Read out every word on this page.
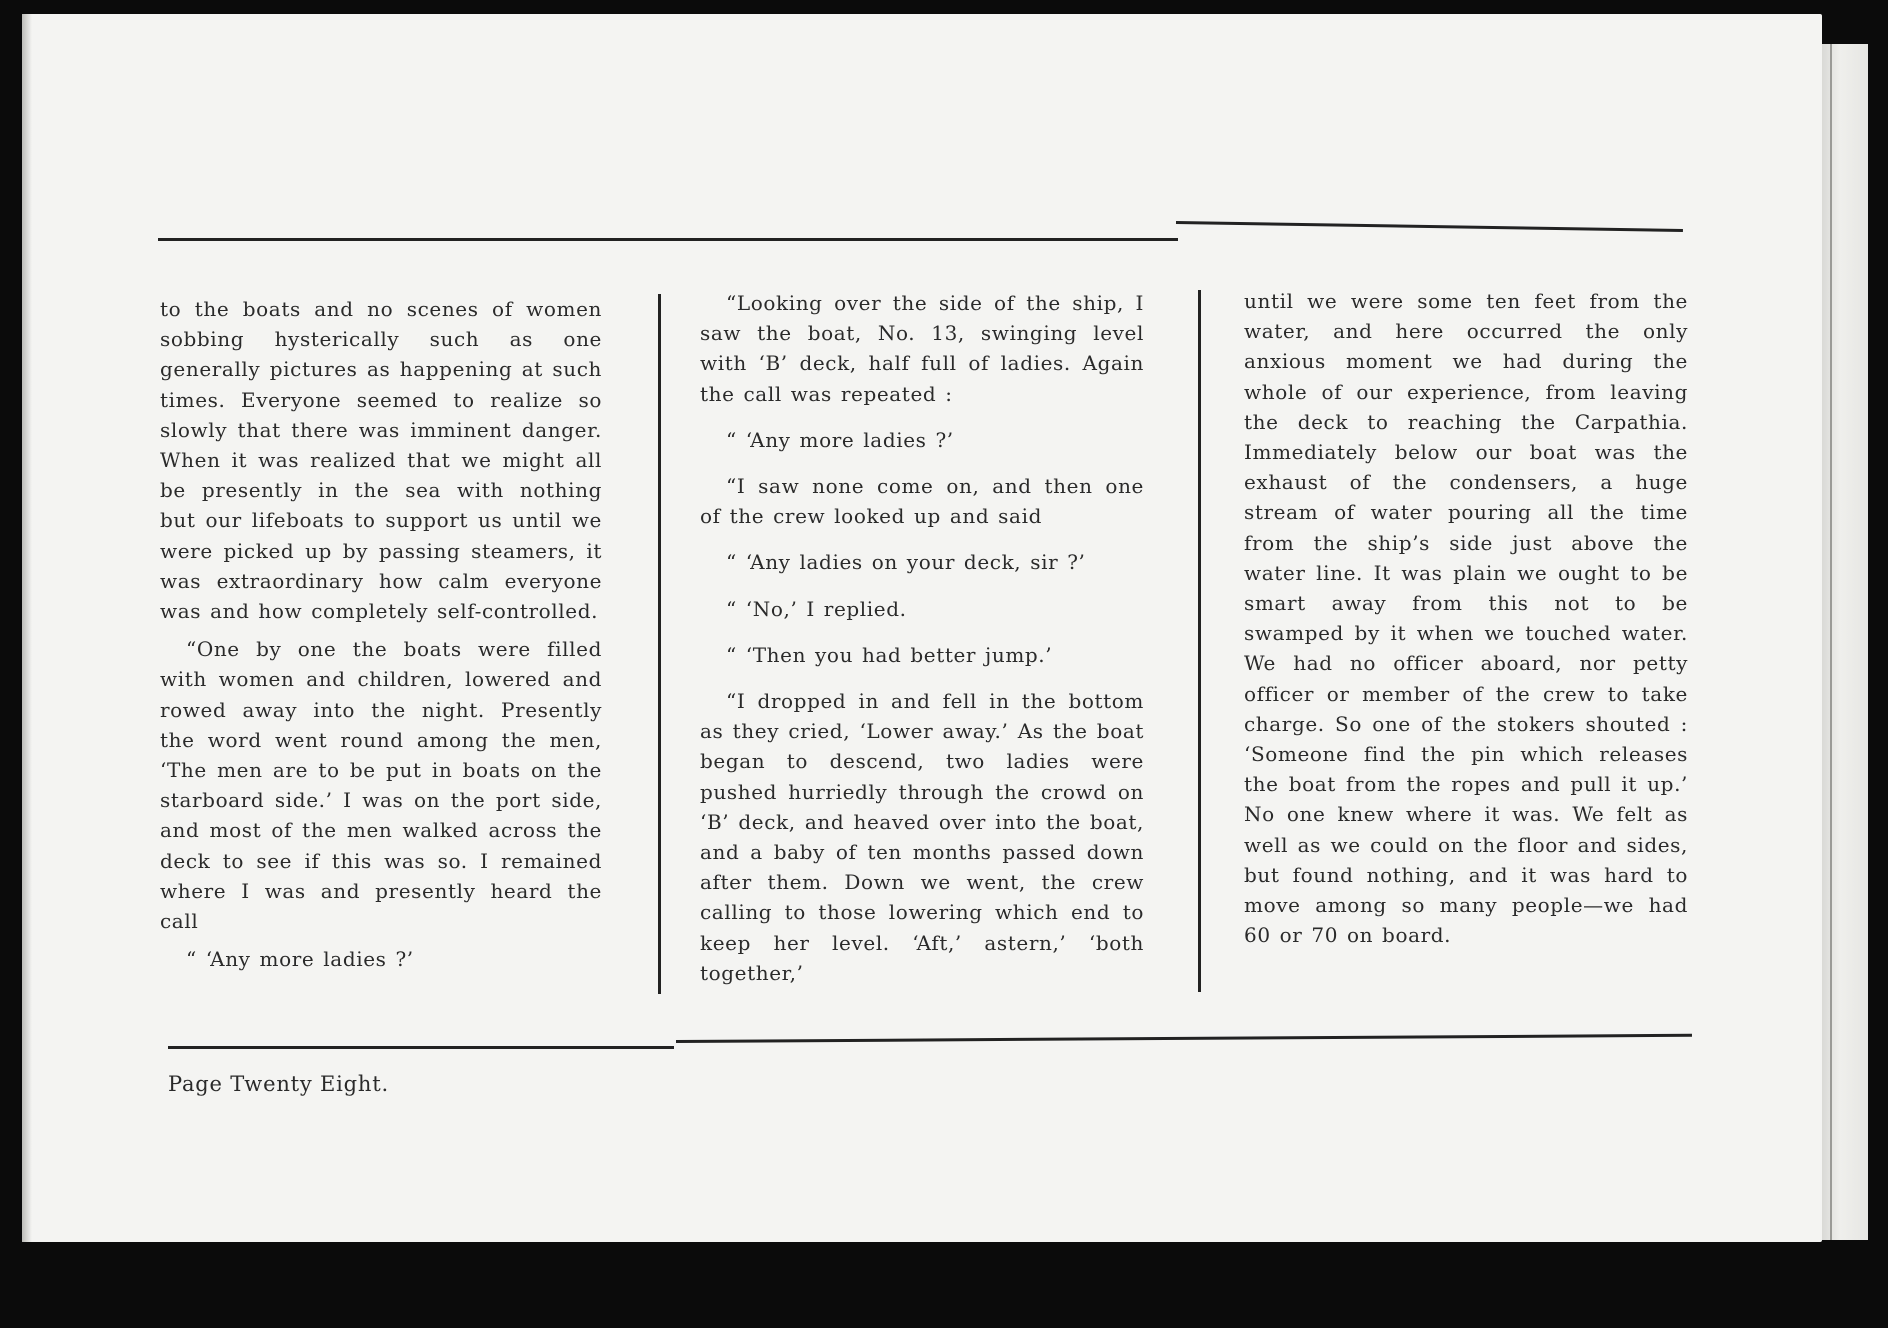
to the boats and no scenes of women sobbing hysterically such as one generally pictures as happening at such times. Everyone seemed to realize so slowly that there was imminent danger. When it was realized that we might all be presently in the sea with nothing but our lifeboats to support us until we were picked up by passing steamers, it was extraordinary how calm everyone was and how completely self-controlled.

“One by one the boats were filled with women and children, lowered and rowed away into the night. Presently the word went round among the men, ‘The men are to be put in boats on the starboard side.’ I was on the port side, and most of the men walked across the deck to see if this was so. I remained where I was and presently heard the call

“ ‘Any more ladies ?’

“Looking over the side of the ship, I saw the boat, No. 13, swinging level with ‘B’ deck, half full of ladies. Again the call was repeated :

“ ‘Any more ladies ?’

“I saw none come on, and then one of the crew looked up and said

“ ‘Any ladies on your deck, sir ?’

“ ‘No,’ I replied.

“ ‘Then you had better jump.’

“I dropped in and fell in the bottom as they cried, ‘Lower away.’ As the boat began to descend, two ladies were pushed hurriedly through the crowd on ‘B’ deck, and heaved over into the boat, and a baby of ten months passed down after them. Down we went, the crew calling to those lowering which end to keep her level. ‘Aft,’ astern,’ ‘both together,’

until we were some ten feet from the water, and here occurred the only anxious moment we had during the whole of our experience, from leaving the deck to reaching the Carpathia. Immediately below our boat was the exhaust of the condensers, a huge stream of water pouring all the time from the ship’s side just above the water line. It was plain we ought to be smart away from this not to be swamped by it when we touched water. We had no officer aboard, nor petty officer or member of the crew to take charge. So one of the stokers shouted : ‘Someone find the pin which releases the boat from the ropes and pull it up.’ No one knew where it was. We felt as well as we could on the floor and sides, but found nothing, and it was hard to move among so many people—we had 60 or 70 on board.

Page Twenty Eight.
